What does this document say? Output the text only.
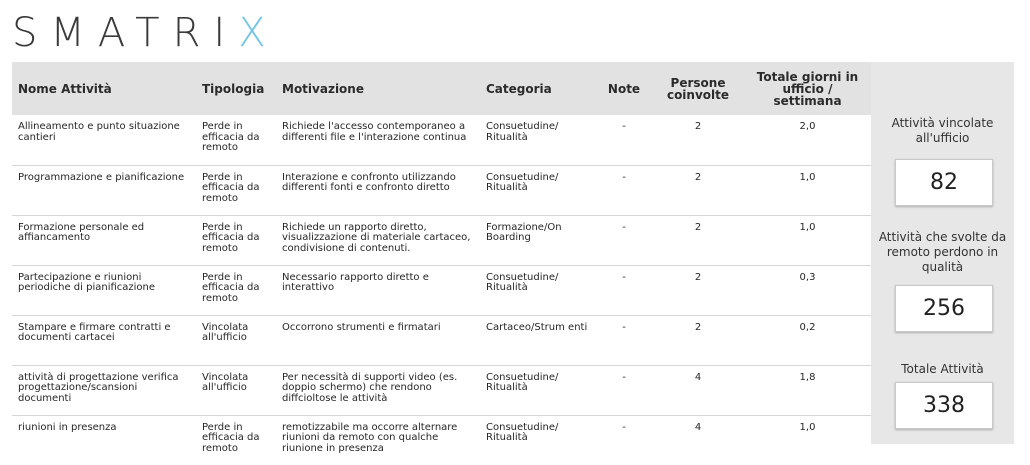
SMATRI X
Nome Attività	Tipologia	Motivazione	Categoria	Note	Persone coinvolte	Totale giorni in ufficio / settimana

Allineamento e punto situazione cantieri	Perde in efficacia da remoto	Richiede l'accesso contemporaneo a differenti file e l'interazione continua	Consuetudine/ Ritualità	-	2	2,0

Programmazione e pianificazione	Perde in efficacia da remoto	Interazione e confronto utilizzando differenti fonti e confronto diretto	Consuetudine/ Ritualità	-	2	1,0

Formazione personale ed affiancamento	Perde in efficacia da remoto	Richiede un rapporto diretto, visualizzazione di materiale cartaceo, condivisione di contenuti.	Formazione/On Boarding	-	2	1,0

Partecipazione e riunioni periodiche di pianificazione	Perde in efficacia da remoto	Necessario rapporto diretto e interattivo	Consuetudine/ Ritualità	-	2	0,3

Stampare e firmare contratti e documenti cartacei	Vincolata all'ufficio	Occorrono strumenti e firmatari	Cartaceo/Strum enti	-	2	0,2

attività di progettazione verifica progettazione/scansioni documenti	Vincolata all'ufficio	Per necessità di supporti video (es. doppio schermo) che rendono diffcioltose le attività	Consuetudine/ Ritualità	-	4	1,8

riunioni in presenza	Perde in efficacia da remoto	remotizzabile ma occorre alternare riunioni da remoto con qualche riunione in presenza	Consuetudine/ Ritualità	-	4	1,0
Attività vincolate all'ufficio
82
Attività che svolte da remoto perdono in qualità
256
Totale Attività
338
